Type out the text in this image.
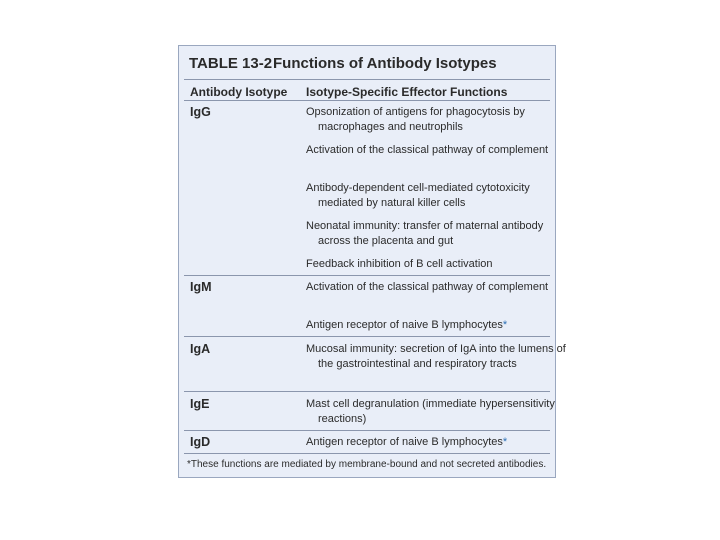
TABLE 13-2Functions of Antibody Isotypes
Antibody Isotype Isotype-Specific Effector Functions
IgG	Opsonization of antigens for phagocytosis by macrophages and neutrophils
Activation of the classical pathway of complement
Antibody-dependent cell-mediated cytotoxicity mediated by natural killer cells
Neonatal immunity: transfer of maternal antibody across the placenta and gut
Feedback inhibition of B cell activation
IgM	Activation of the classical pathway of complement
Antigen receptor of naive B lymphocytes*
IgA	Mucosal immunity: secretion of IgA into the lumens of the gastrointestinal and respiratory tracts
IgE	Mast cell degranulation (immediate hypersensitivity reactions)
IgD	Antigen receptor of naive B lymphocytes*
*These functions are mediated by membrane-bound and not secreted antibodies.
